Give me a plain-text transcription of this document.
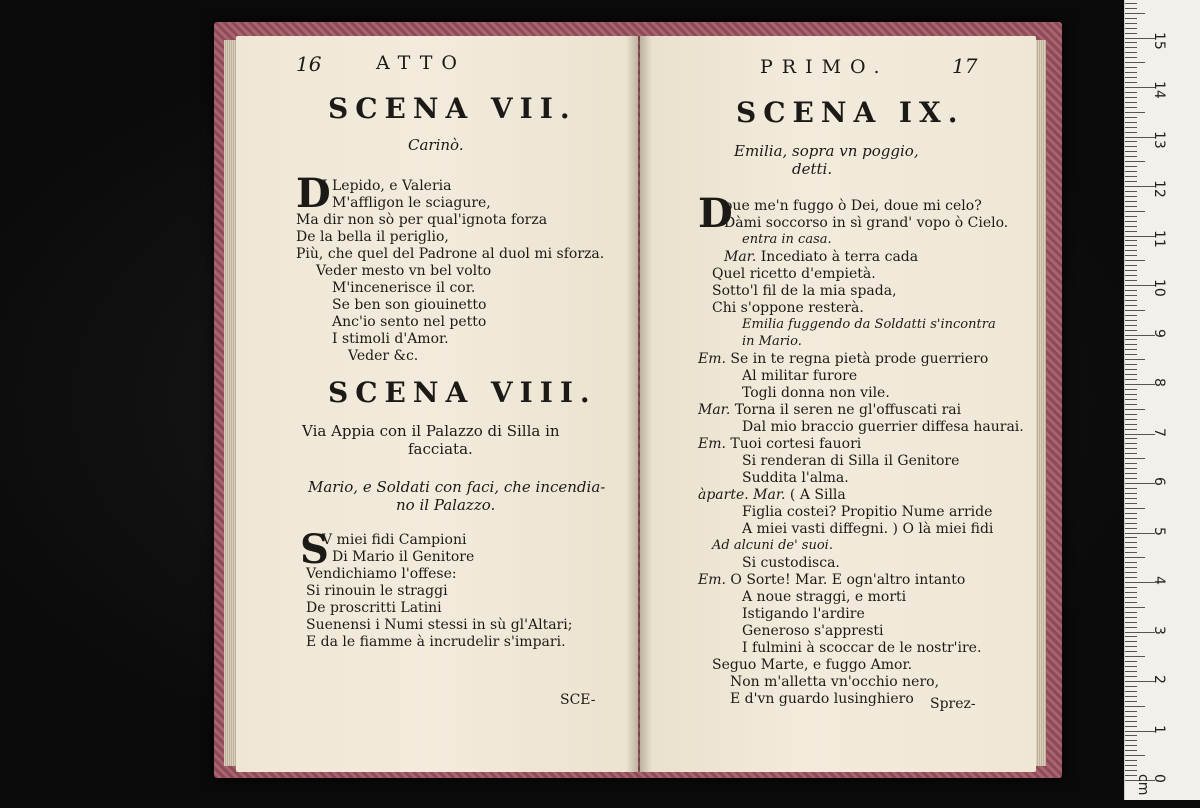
16	ATTO
SCENA VII.
Carinò.
D
I Lepido, e Valeria
M'affligon le sciagure,
Ma dir non sò per qual'ignota forza
De la bella il periglio,
Più, che quel del Padrone al duol mi sforza.
Veder mesto vn bel volto
M'incenerisce il cor.
Se ben son giouinetto
Anc'io sento nel petto
I stimoli d'Amor.
Veder &c.
SCENA VIII.
Via Appia con il Palazzo di Silla in
facciata.
Mario, e Soldati con faci, che incendia-
no il Palazzo.
S
V miei fidi Campioni
Di Mario il Genitore
Vendichiamo l'offese:
Si rinouin le straggi
De proscritti Latini
Suenensi i Numi stessi in sù gl'Altari;
E da le fiamme à incrudelir s'impari.
SCE-
PRIMO.	17
SCENA IX.
Emilia, sopra vn poggio,
detti.
D
oue me'n fuggo ò Dei, doue mi celo?
Dàmi soccorso in sì grand' vopo ò Cielo.
entra in casa.
Mar. Incediato à terra cada
Quel ricetto d'empietà.
Sotto'l fil de la mia spada,
Chi s'oppone resterà.
Emilia fuggendo da Soldatti s'incontra
in Mario.
Em. Se in te regna pietà prode guerriero
Al militar furore
Togli donna non vile.
Mar. Torna il seren ne gl'offuscati rai
Dal mio braccio guerrier diffesa haurai.
Em. Tuoi cortesi fauori
Si renderan di Silla il Genitore
Suddita l'alma.
àparte. Mar. ( A Silla
Figlia costei? Propitio Nume arride
A miei vasti diffegni. ) O là miei fidi
Ad alcuni de' suoi.
Si custodisca.
Em. O Sorte! Mar. E ogn'altro intanto
A noue straggi, e morti
Istigando l'ardire
Generoso s'appresti
I fulmini à scoccar de le nostr'ire.
Seguo Marte, e fuggo Amor.
Non m'alletta vn'occhio nero,
E d'vn guardo lusinghiero Sprez-
0 cm
1
2
3
4
5
6
7
8
9
10
11
12
13
14
15
